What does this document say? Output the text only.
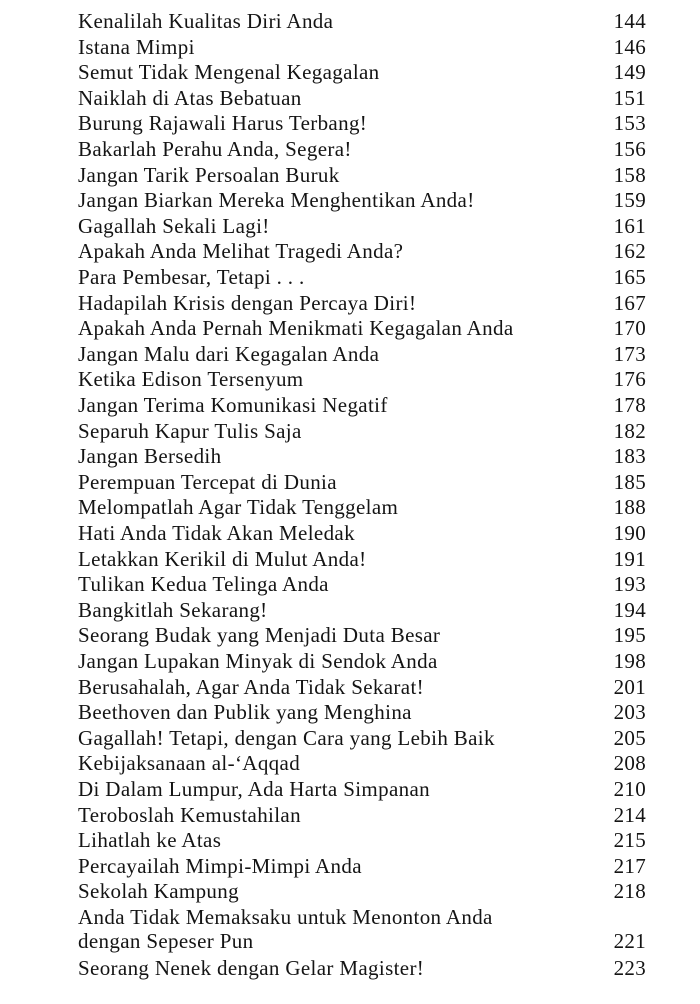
Kenalilah Kualitas Diri Anda	144
Istana Mimpi	146
Semut Tidak Mengenal Kegagalan	149
Naiklah di Atas Bebatuan	151
Burung Rajawali Harus Terbang!	153
Bakarlah Perahu Anda, Segera!	156
Jangan Tarik Persoalan Buruk	158
Jangan Biarkan Mereka Menghentikan Anda!	159
Gagallah Sekali Lagi!	161
Apakah Anda Melihat Tragedi Anda?	162
Para Pembesar, Tetapi . . .	165
Hadapilah Krisis dengan Percaya Diri!	167
Apakah Anda Pernah Menikmati Kegagalan Anda	170
Jangan Malu dari Kegagalan Anda	173
Ketika Edison Tersenyum	176
Jangan Terima Komunikasi Negatif	178
Separuh Kapur Tulis Saja	182
Jangan Bersedih	183
Perempuan Tercepat di Dunia	185
Melompatlah Agar Tidak Tenggelam	188
Hati Anda Tidak Akan Meledak	190
Letakkan Kerikil di Mulut Anda!	191
Tulikan Kedua Telinga Anda	193
Bangkitlah Sekarang!	194
Seorang Budak yang Menjadi Duta Besar	195
Jangan Lupakan Minyak di Sendok Anda	198
Berusahalah, Agar Anda Tidak Sekarat!	201
Beethoven dan Publik yang Menghina	203
Gagallah! Tetapi, dengan Cara yang Lebih Baik	205
Kebijaksanaan al-‘Aqqad	208
Di Dalam Lumpur, Ada Harta Simpanan	210
Teroboslah Kemustahilan	214
Lihatlah ke Atas	215
Percayailah Mimpi-Mimpi Anda	217
Sekolah Kampung	218
Anda Tidak Memaksaku untuk Menonton Anda
dengan Sepeser Pun	221
Seorang Nenek dengan Gelar Magister!	223
